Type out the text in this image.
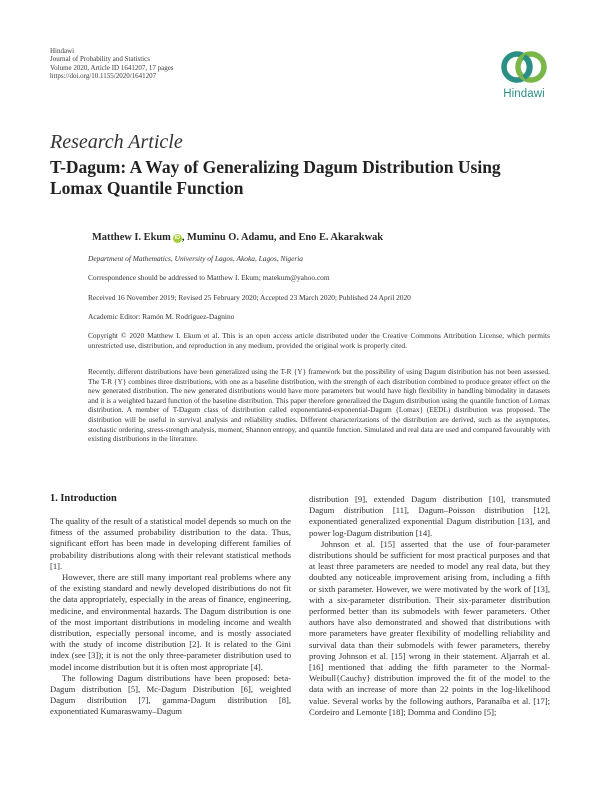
Hindawi
Journal of Probability and Statistics
Volume 2020, Article ID 1641207, 17 pages
https://doi.org/10.1155/2020/1641207
Hindawi
Research Article
T-Dagum: A Way of Generalizing Dagum Distribution Using Lomax Quantile Function
Matthew I. Ekum iD , Muminu O. Adamu, and Eno E. Akarakwak
Department of Mathematics, University of Lagos, Akoka, Lagos, Nigeria
Correspondence should be addressed to Matthew I. Ekum; matekum@yahoo.com
Received 16 November 2019; Revised 25 February 2020; Accepted 23 March 2020; Published 24 April 2020
Academic Editor: Ramón M. Rodríguez-Dagnino
Copyright © 2020 Matthew I. Ekum et al. This is an open access article distributed under the Creative Commons Attribution License, which permits unrestricted use, distribution, and reproduction in any medium, provided the original work is properly cited.
Recently, different distributions have been generalized using the T-R {Y} framework but the possibility of using Dagum distribution has not been assessed. The T-R {Y} combines three distributions, with one as a baseline distribution, with the strength of each distribution combined to produce greater effect on the new generated distribution. The new generated distributions would have more parameters but would have high flexibility in handling bimodality in datasets and it is a weighted hazard function of the baseline distribution. This paper therefore generalized the Dagum distribution using the quantile function of Lomax distribution. A member of T-Dagum class of distribution called exponentiated-exponential-Dagum {Lomax} (EEDL) distribution was proposed. The distribution will be useful in survival analysis and reliability studies. Different characterizations of the distribution are derived, such as the asymptotes, stochastic ordering, stress-strength analysis, moment, Shannon entropy, and quantile function. Simulated and real data are used and compared favourably with existing distributions in the literature.
1. Introduction

The quality of the result of a statistical model depends so much on the fitness of the assumed probability distribution to the data. Thus, significant effort has been made in developing different families of probability distributions along with their relevant statistical methods [1].

However, there are still many important real problems where any of the existing standard and newly developed distributions do not fit the data appropriately, especially in the areas of finance, engineering, medicine, and environmental hazards. The Dagum distribution is one of the most important distributions in modeling income and wealth distribution, especially personal income, and is mostly associated with the study of income distribution [2]. It is related to the Gini index (see [3]); it is not the only three-parameter distribution used to model income distribution but it is often most appropriate [4].

The following Dagum distributions have been proposed: beta-Dagum distribution [5], Mc-Dagum Distribution [6], weighted Dagum distribution [7], gamma-Dagum distribution [8], exponentiated Kumaraswamy–Dagum

distribution [9], extended Dagum distribution [10], transmuted Dagum distribution [11], Dagum–Poisson distribution [12], exponentiated generalized exponential Dagum distribution [13], and power log-Dagum distribution [14].

Johnson et al. [15] asserted that the use of four-parameter distributions should be sufficient for most practical purposes and that at least three parameters are needed to model any real data, but they doubted any noticeable improvement arising from, including a fifth or sixth parameter. However, we were motivated by the work of [13], with a six-parameter distribution. Their six-parameter distribution performed better than its submodels with fewer parameters. Other authors have also demonstrated and showed that distributions with more parameters have greater flexibility of modelling reliability and survival data than their submodels with fewer parameters, thereby proving Johnson et al. [15] wrong in their statement. Aljarrah et al. [16] mentioned that adding the fifth parameter to the Normal-Weibull{Cauchy} distribution improved the fit of the model to the data with an increase of more than 22 points in the log-likelihood value. Several works by the following authors, Paranaíba et al. [17]; Cordeiro and Lemonte [18]; Domma and Condino [5];
